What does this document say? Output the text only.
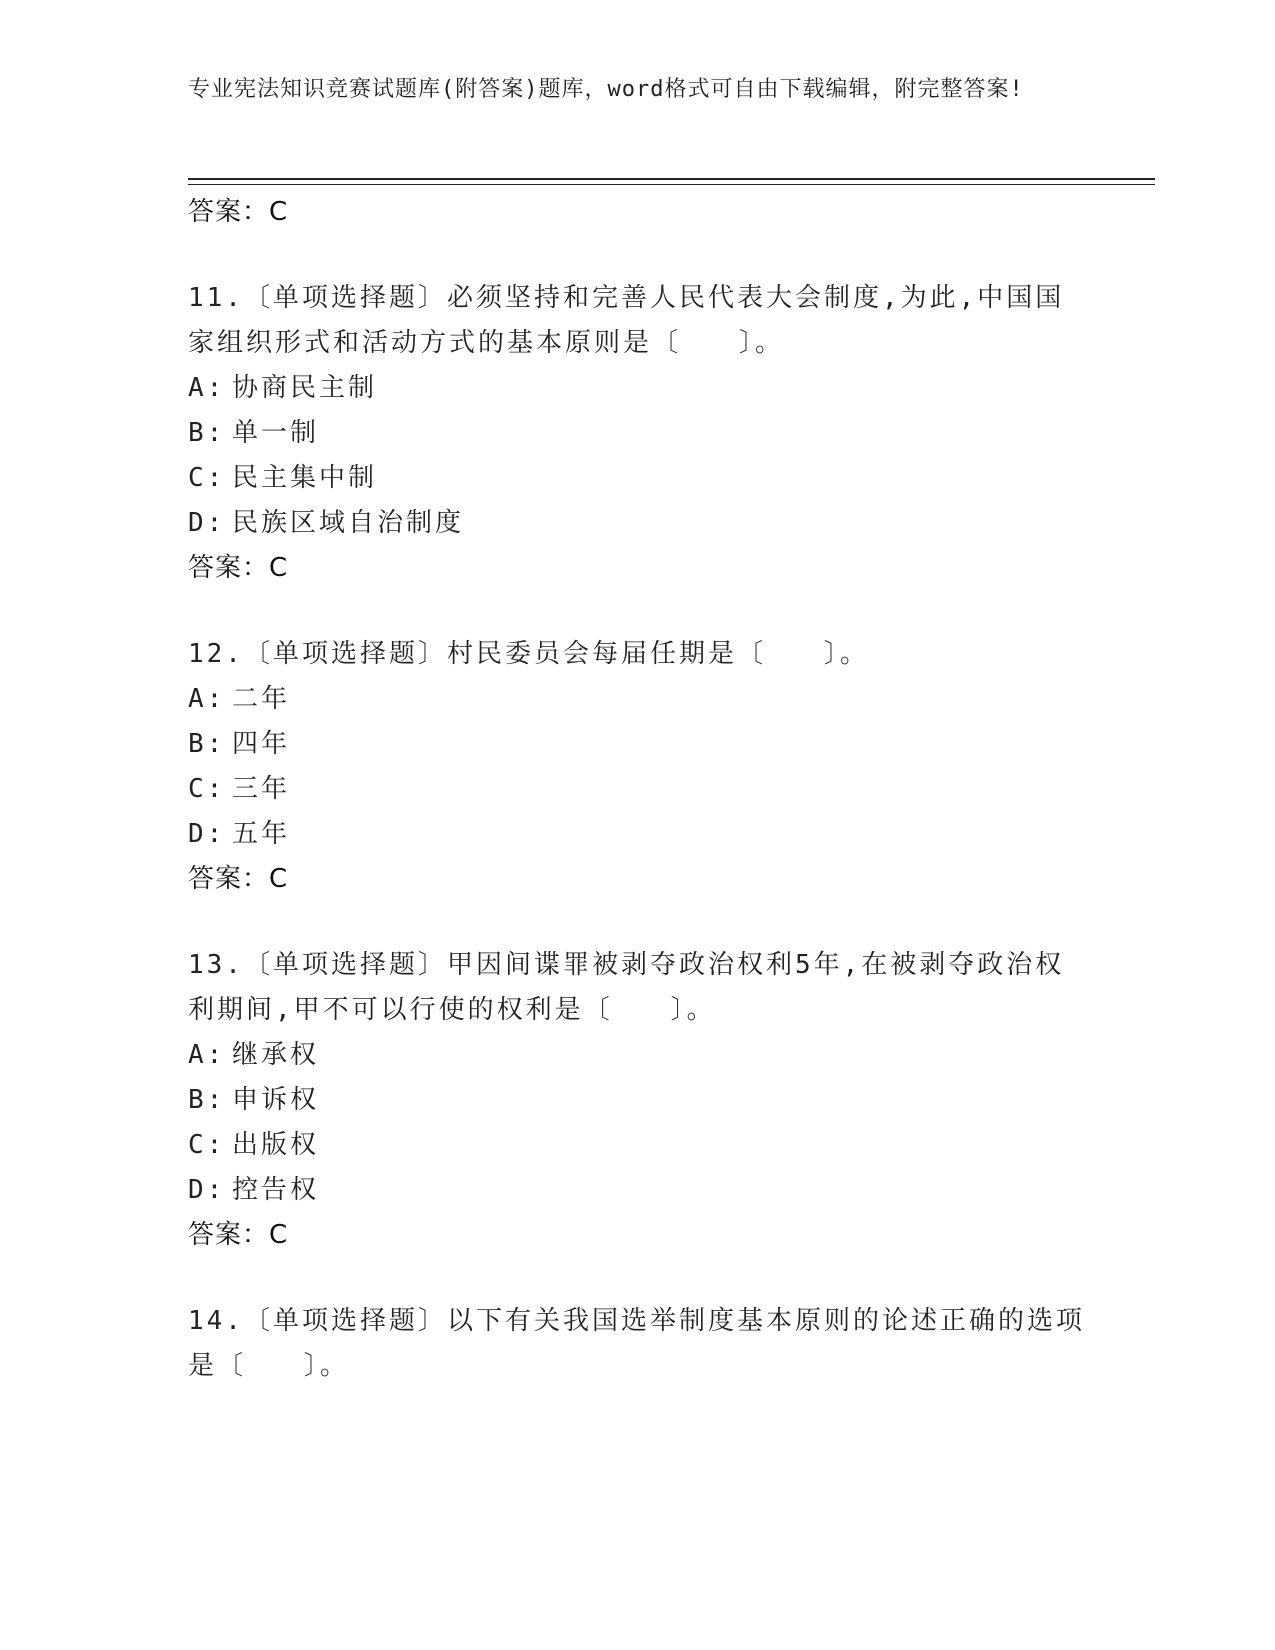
专业宪法知识竞赛试题库(附答案)题库，word格式可自由下载编辑，附完整答案!
答案：C
11.〔单项选择题〕必须坚持和完善人民代表大会制度,为此,中国国家组织形式和活动方式的基本原则是〔　　〕。
A: 协商民主制
B: 单一制
C: 民主集中制
D: 民族区域自治制度
答案：C
12.〔单项选择题〕村民委员会每届任期是〔　　〕。
A: 二年
B: 四年
C: 三年
D: 五年
答案：C
13.〔单项选择题〕甲因间谍罪被剥夺政治权利5年,在被剥夺政治权利期间,甲不可以行使的权利是〔　　〕。
A: 继承权
B: 申诉权
C: 出版权
D: 控告权
答案：C
14.〔单项选择题〕以下有关我国选举制度基本原则的论述正确的选项是〔　　〕。
